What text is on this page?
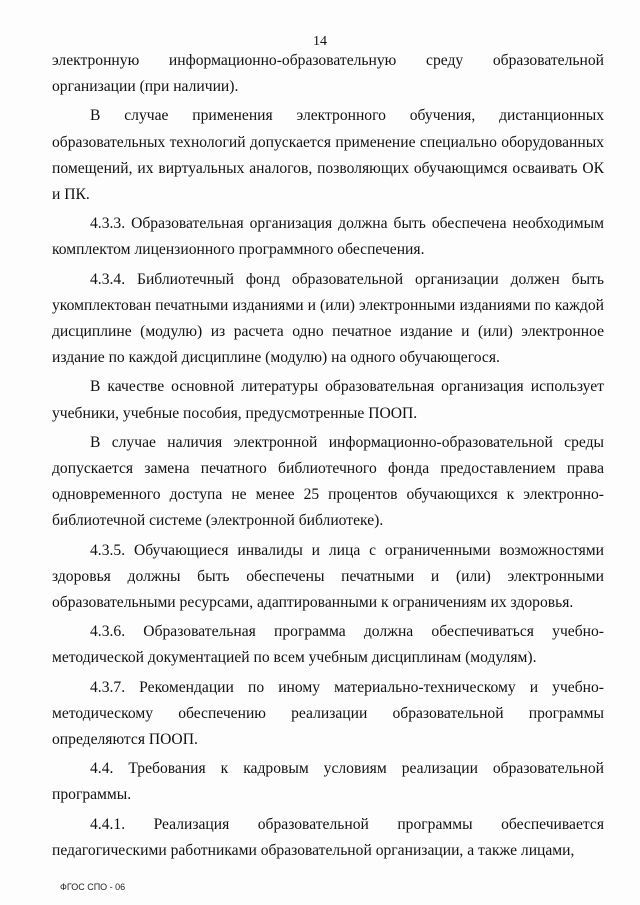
14

электронную информационно-образовательную среду образовательной организации (при наличии).

В случае применения электронного обучения, дистанционных образовательных технологий допускается применение специально оборудованных помещений, их виртуальных аналогов, позволяющих обучающимся осваивать ОК и ПК.

4.3.3. Образовательная организация должна быть обеспечена необходимым комплектом лицензионного программного обеспечения.

4.3.4. Библиотечный фонд образовательной организации должен быть укомплектован печатными изданиями и (или) электронными изданиями по каждой дисциплине (модулю) из расчета одно печатное издание и (или) электронное издание по каждой дисциплине (модулю) на одного обучающегося.

В качестве основной литературы образовательная организация использует учебники, учебные пособия, предусмотренные ПООП.

В случае наличия электронной информационно-образовательной среды допускается замена печатного библиотечного фонда предоставлением права одновременного доступа не менее 25 процентов обучающихся к электронно-библиотечной системе (электронной библиотеке).

4.3.5. Обучающиеся инвалиды и лица с ограниченными возможностями здоровья должны быть обеспечены печатными и (или) электронными образовательными ресурсами, адаптированными к ограничениям их здоровья.

4.3.6. Образовательная программа должна обеспечиваться учебно-методической документацией по всем учебным дисциплинам (модулям).

4.3.7. Рекомендации по иному материально-техническому и учебно-методическому обеспечению реализации образовательной программы определяются ПООП.

4.4. Требования к кадровым условиям реализации образовательной программы.

4.4.1. Реализация образовательной программы обеспечивается педагогическими работниками образовательной организации, а также лицами,

ФГОС СПО - 06
